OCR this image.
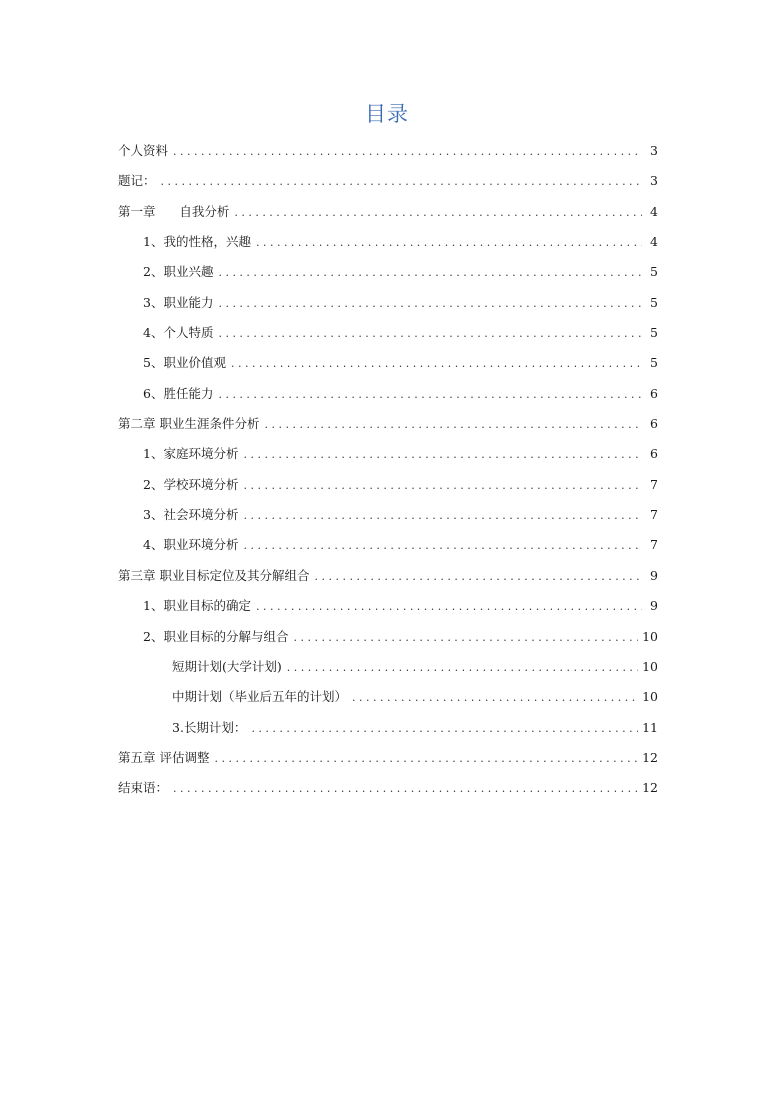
目录
个人资料 . . .	3
题记： . . .	3
第一章      自我分析 . . .	4
1、我的性格，兴趣 . . .	4
2、职业兴趣 . . .	5
3、职业能力 . . .	5
4、个人特质 . . .	5
5、职业价值观 . . .	5
6、胜任能力 . . .	6
第二章 职业生涯条件分析 . . .	6
1、家庭环境分析 . . .	6
2、学校环境分析 . . .	7
3、社会环境分析 . . .	7
4、职业环境分析 . . .	7
第三章 职业目标定位及其分解组合 . . .	9
1、职业目标的确定 . . .	9
2、职业目标的分解与组合 . . .	10
短期计划(大学计划) . . .	10
中期计划（毕业后五年的计划） . . .	10
3.长期计划： . . .	11
第五章 评估调整 . . .	12
结束语： . . .	12
